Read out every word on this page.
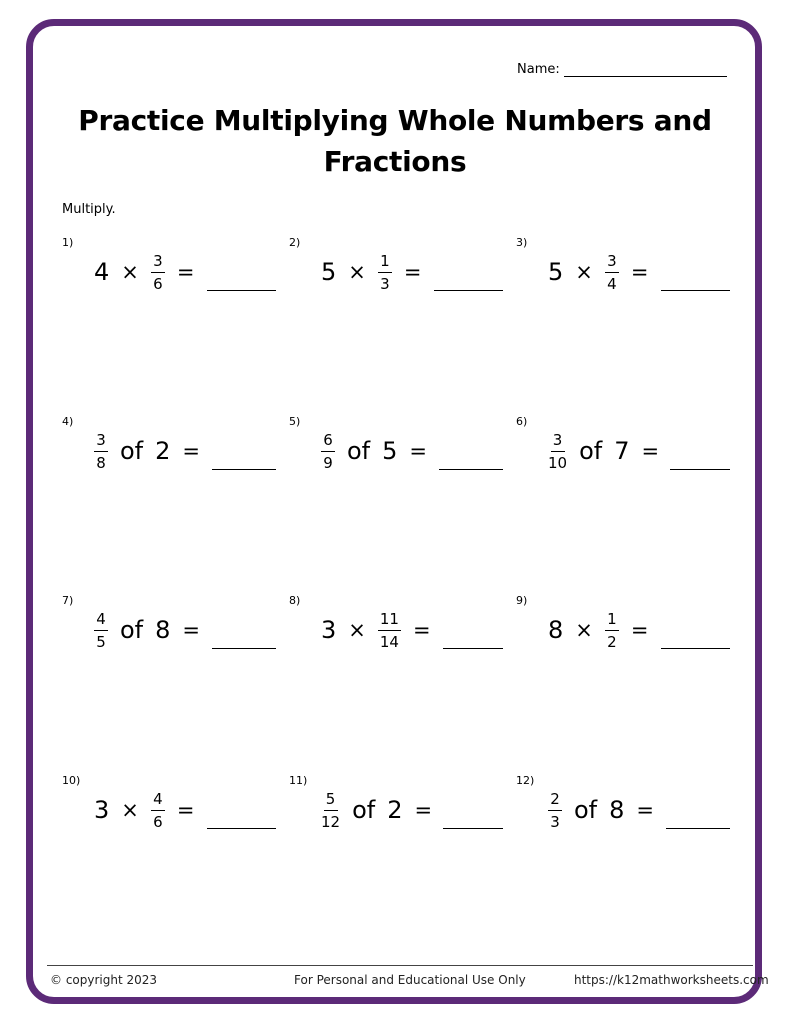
Name:
Practice Multiplying Whole Numbers and Fractions
Multiply.
1)
$4 \times \frac{3}{6}$ =
2)
$5 \times \frac{1}{3}$ =
3)
$5 \times \frac{3}{4}$ =
4)
$\frac{3}{8}$ of 2 =
5)
$\frac{6}{9}$ of 5 =
6)
$\frac{3}{10}$ of 7 =
7)
$\frac{4}{5}$ of 8 =
8)
$3 \times \frac{11}{14}$ =
9)
$8 \times \frac{1}{2}$ =
10)
$3 \times \frac{4}{6}$ =
11)
$\frac{5}{12}$ of 2 =
12)
$\frac{2}{3}$ of 8 =
© copyright 2023	For Personal and Educational Use Only	https://k12mathworksheets.com
